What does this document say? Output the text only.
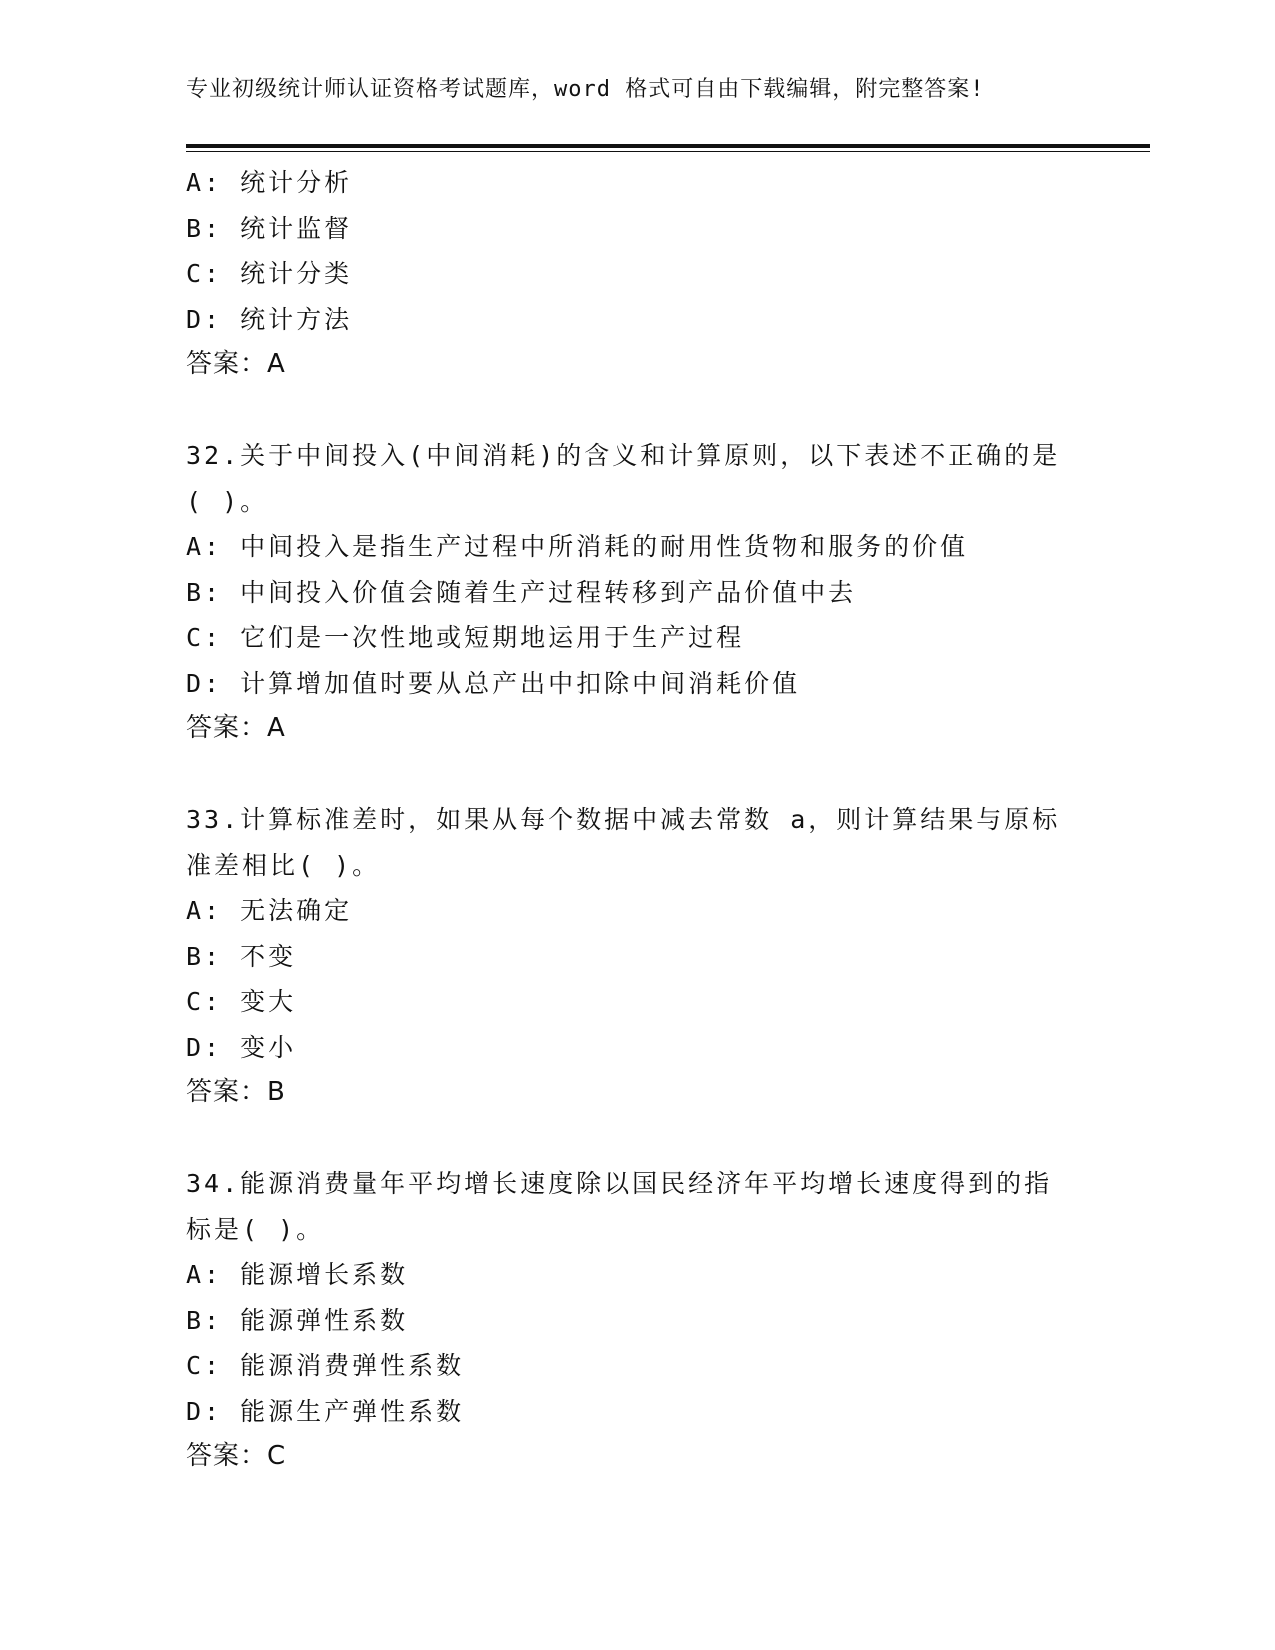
专业初级统计师认证资格考试题库，word 格式可自由下载编辑，附完整答案!
A: 统计分析
B: 统计监督
C: 统计分类
D: 统计方法
答案：A
32.关于中间投入(中间消耗)的含义和计算原则，以下表述不正确的是
( )。
A: 中间投入是指生产过程中所消耗的耐用性货物和服务的价值
B: 中间投入价值会随着生产过程转移到产品价值中去
C: 它们是一次性地或短期地运用于生产过程
D: 计算增加值时要从总产出中扣除中间消耗价值
答案：A
33.计算标准差时，如果从每个数据中减去常数 a，则计算结果与原标
准差相比( )。
A: 无法确定
B: 不变
C: 变大
D: 变小
答案：B
34.能源消费量年平均增长速度除以国民经济年平均增长速度得到的指
标是( )。
A: 能源增长系数
B: 能源弹性系数
C: 能源消费弹性系数
D: 能源生产弹性系数
答案：C
